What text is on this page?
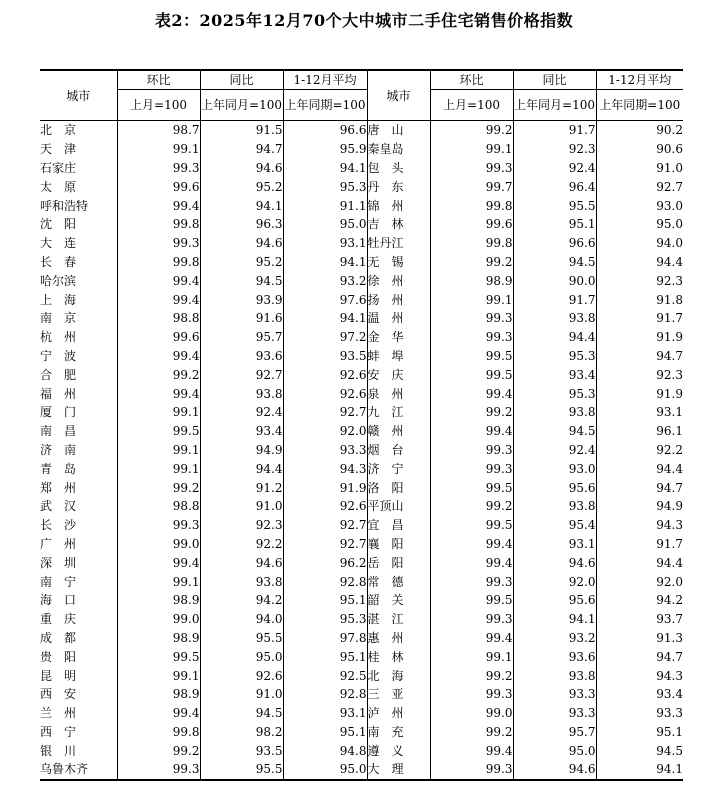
表2：2025年12月70个大中城市二手住宅销售价格指数
城市	环比	同比	1-12月平均	城市	环比	同比	1-12月平均
	上月=100	上年同月=100	上年同期=100		上月=100	上年同月=100	上年同期=100
北　京	98.7	91.5	96.6	唐　山	99.2	91.7	90.2
天　津	99.1	94.7	95.9	秦皇岛	99.1	92.3	90.6
石家庄	99.3	94.6	94.1	包　头	99.3	92.4	91.0
太　原	99.6	95.2	95.3	丹　东	99.7	96.4	92.7
呼和浩特	99.4	94.1	91.1	锦　州	99.8	95.5	93.0
沈　阳	99.8	96.3	95.0	吉　林	99.6	95.1	95.0
大　连	99.3	94.6	93.1	牡丹江	99.8	96.6	94.0
长　春	99.8	95.2	94.1	无　锡	99.2	94.5	94.4
哈尔滨	99.4	94.5	93.2	徐　州	98.9	90.0	92.3
上　海	99.4	93.9	97.6	扬　州	99.1	91.7	91.8
南　京	98.8	91.6	94.1	温　州	99.3	93.8	91.7
杭　州	99.6	95.7	97.2	金　华	99.3	94.4	91.9
宁　波	99.4	93.6	93.5	蚌　埠	99.5	95.3	94.7
合　肥	99.2	92.7	92.6	安　庆	99.5	93.4	92.3
福　州	99.4	93.8	92.6	泉　州	99.4	95.3	91.9
厦　门	99.1	92.4	92.7	九　江	99.2	93.8	93.1
南　昌	99.5	93.4	92.0	赣　州	99.4	94.5	96.1
济　南	99.1	94.9	93.3	烟　台	99.3	92.4	92.2
青　岛	99.1	94.4	94.3	济　宁	99.3	93.0	94.4
郑　州	99.2	91.2	91.9	洛　阳	99.5	95.6	94.7
武　汉	98.8	91.0	92.6	平顶山	99.2	93.8	94.9
长　沙	99.3	92.3	92.7	宜　昌	99.5	95.4	94.3
广　州	99.0	92.2	92.7	襄　阳	99.4	93.1	91.7
深　圳	99.4	94.6	96.2	岳　阳	99.4	94.6	94.4
南　宁	99.1	93.8	92.8	常　德	99.3	92.0	92.0
海　口	98.9	94.2	95.1	韶　关	99.5	95.6	94.2
重　庆	99.0	94.0	95.3	湛　江	99.3	94.1	93.7
成　都	98.9	95.5	97.8	惠　州	99.4	93.2	91.3
贵　阳	99.5	95.0	95.1	桂　林	99.1	93.6	94.7
昆　明	99.1	92.6	92.5	北　海	99.2	93.8	94.3
西　安	98.9	91.0	92.8	三　亚	99.3	93.3	93.4
兰　州	99.4	94.5	93.1	泸　州	99.0	93.3	93.3
西　宁	99.8	98.2	95.1	南　充	99.2	95.7	95.1
银　川	99.2	93.5	94.8	遵　义	99.4	95.0	94.5
乌鲁木齐	99.3	95.5	95.0	大　理	99.3	94.6	94.1
